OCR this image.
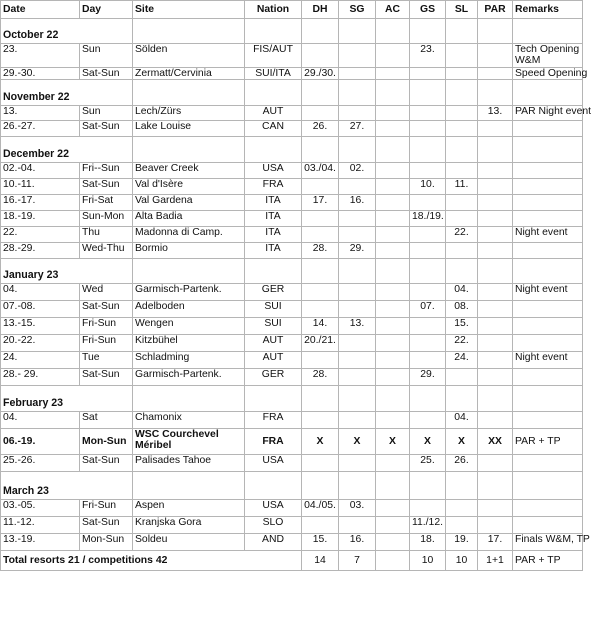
Date	Day	Site	Nation	DH	SG	AC	GS	SL	PAR	Remarks
October 22										
23.	Sun	Sölden	FIS/AUT				23.			Tech Opening W&M
29.-30.	Sat-Sun	Zermatt/Cervinia	SUI/ITA	29./30.						Speed Opening
November 22										
13.	Sun	Lech/Zürs	AUT						13.	PAR Night event
26.-27.	Sat-Sun	Lake Louise	CAN	26.	27.					
December 22										
02.-04.	Fri--Sun	Beaver Creek	USA	03./04.	02.					
10.-11.	Sat-Sun	Val d'Isère	FRA				10.	11.		
16.-17.	Fri-Sat	Val Gardena	ITA	17.	16.					
18.-19.	Sun-Mon	Alta Badia	ITA				18./19.			
22.	Thu	Madonna di Camp.	ITA					22.		Night event
28.-29.	Wed-Thu	Bormio	ITA	28.	29.					
January 23										
04.	Wed	Garmisch-Partenk.	GER					04.		Night event
07.-08.	Sat-Sun	Adelboden	SUI				07.	08.		
13.-15.	Fri-Sun	Wengen	SUI	14.	13.			15.		
20.-22.	Fri-Sun	Kitzbühel	AUT	20./21.				22.		
24.	Tue	Schladming	AUT					24.		Night event
28.- 29.	Sat-Sun	Garmisch-Partenk.	GER	28.			29.			
February 23										
04.	Sat	Chamonix	FRA					04.		
06.-19.	Mon-Sun	WSC Courchevel Méribel	FRA	X	X	X	X	X	XX	PAR + TP
25.-26.	Sat-Sun	Palisades Tahoe	USA				25.	26.		
March 23										
03.-05.	Fri-Sun	Aspen	USA	04./05.	03.					
11.-12.	Sat-Sun	Kranjska Gora	SLO				11./12.			
13.-19.	Mon-Sun	Soldeu	AND	15.	16.		18.	19.	17.	Finals W&M, TP
Total resorts 21 / competitions 42				14	7		10	10	1+1	PAR + TP
